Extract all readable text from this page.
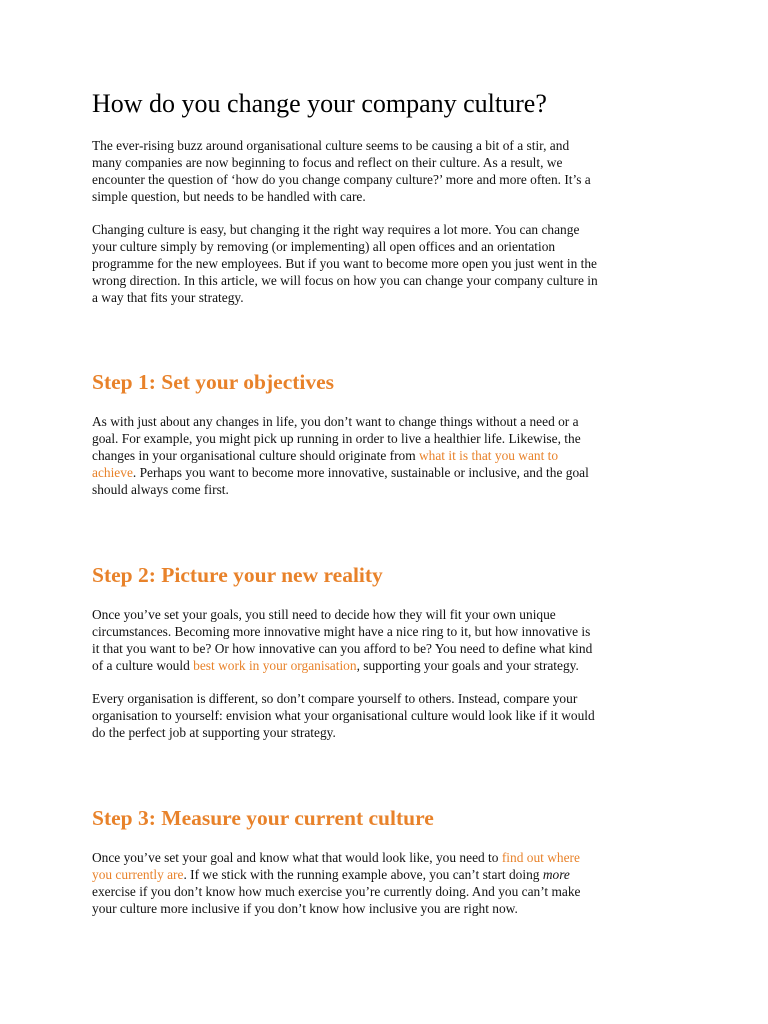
How do you change your company culture?

The ever-rising buzz around organisational culture seems to be causing a bit of a stir, and
many companies are now beginning to focus and reflect on their culture. As a result, we
encounter the question of ‘how do you change company culture?’ more and more often. It’s a
simple question, but needs to be handled with care.

Changing culture is easy, but changing it the right way requires a lot more. You can change
your culture simply by removing (or implementing) all open offices and an orientation
programme for the new employees. But if you want to become more open you just went in the
wrong direction. In this article, we will focus on how you can change your company culture in
a way that fits your strategy.

Step 1: Set your objectives

As with just about any changes in life, you don’t want to change things without a need or a
goal. For example, you might pick up running in order to live a healthier life. Likewise, the
changes in your organisational culture should originate from what it is that you want to
achieve. Perhaps you want to become more innovative, sustainable or inclusive, and the goal
should always come first.

Step 2: Picture your new reality

Once you’ve set your goals, you still need to decide how they will fit your own unique
circumstances. Becoming more innovative might have a nice ring to it, but how innovative is
it that you want to be? Or how innovative can you afford to be? You need to define what kind
of a culture would best work in your organisation, supporting your goals and your strategy.

Every organisation is different, so don’t compare yourself to others. Instead, compare your
organisation to yourself: envision what your organisational culture would look like if it would
do the perfect job at supporting your strategy.

Step 3: Measure your current culture

Once you’ve set your goal and know what that would look like, you need to find out where
you currently are. If we stick with the running example above, you can’t start doing more
exercise if you don’t know how much exercise you’re currently doing. And you can’t make
your culture more inclusive if you don’t know how inclusive you are right now.
